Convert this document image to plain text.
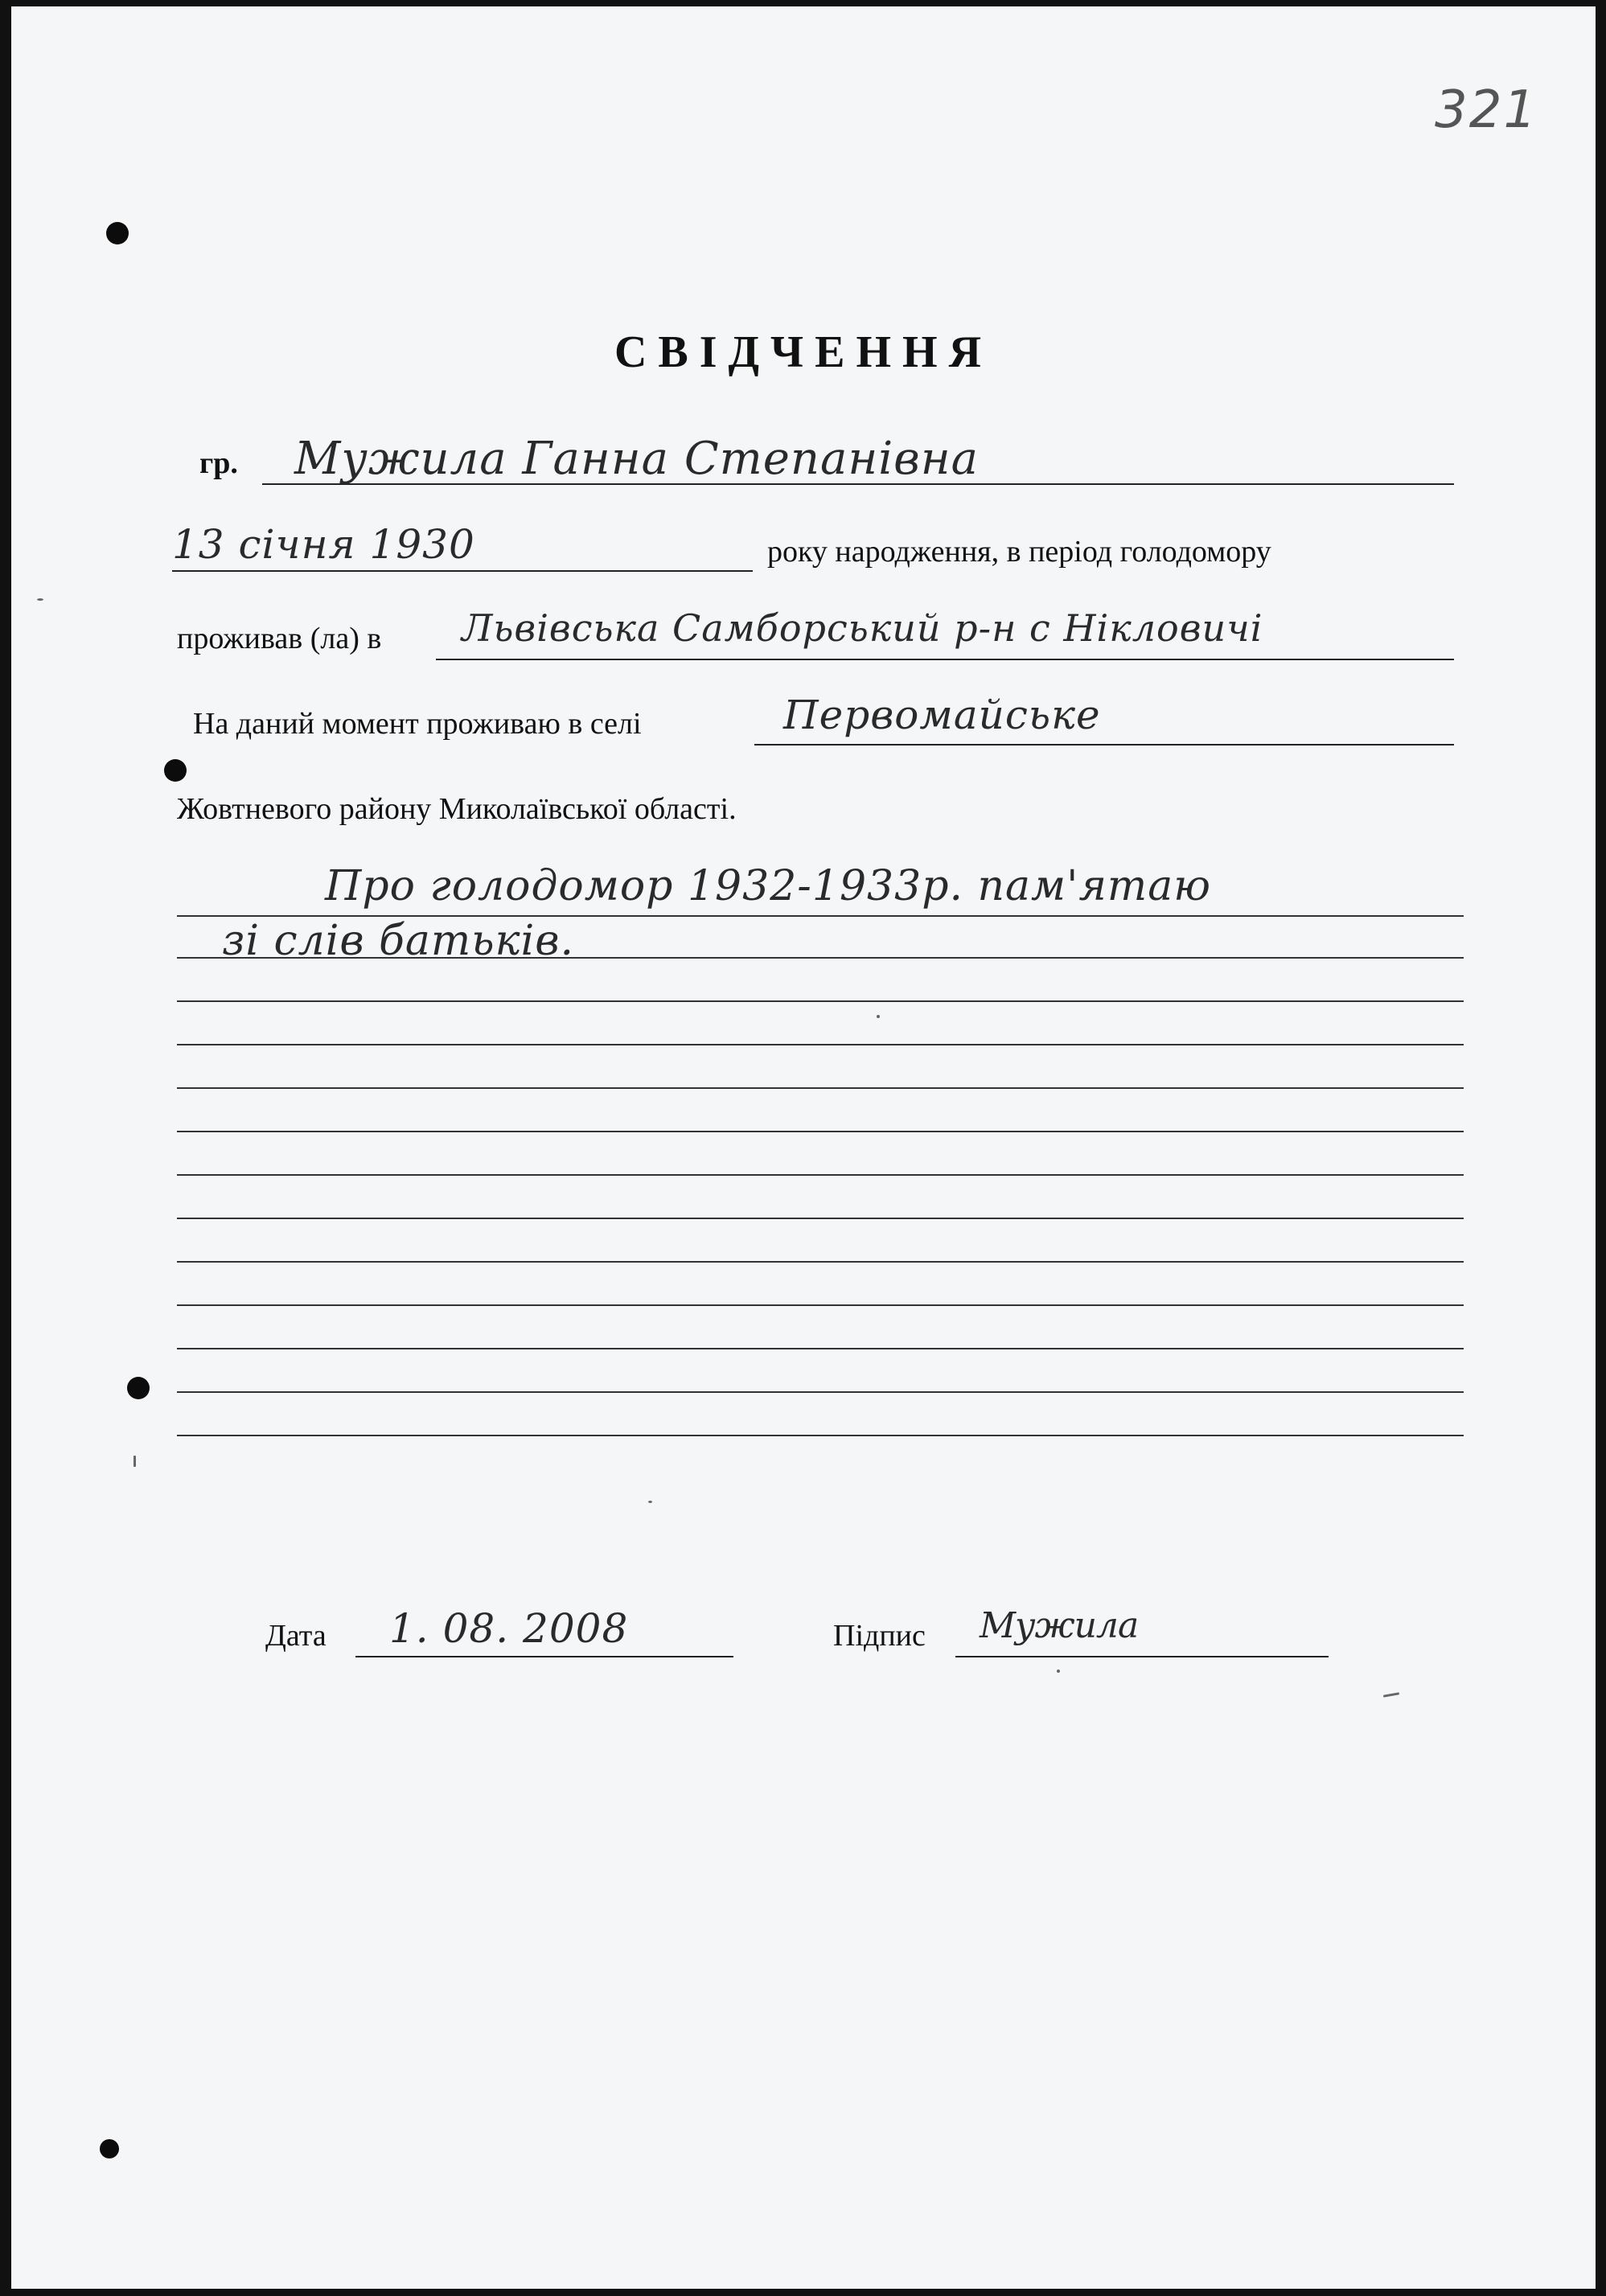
321
СВІДЧЕННЯ
гр. Мужила Ганна Степанівна
13 січня 1930	року народження, в період голодомору
проживав (ла) в Львівська Самборський р-н с Нікловичі
На даний момент проживаю в селі	Первомайське
Жовтневого району Миколаївської області.
Про голодомор 1932-1933р. пам'ятаю
зі слів батьків.
Дата 1. 08. 2008	Підпис Мужила
